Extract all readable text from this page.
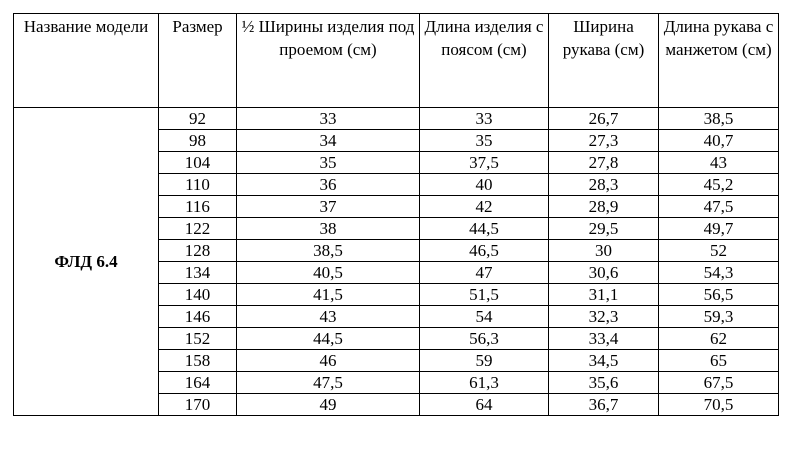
Название модели	Размер	½ Ширины изделия под проемом (см)	Длина изделия с поясом (см)	Ширина рукава (см)	Длина рукава с манжетом (см)
ФЛД 6.4	92	33	33	26,7	38,5
	98	34	35	27,3	40,7
	104	35	37,5	27,8	43
	110	36	40	28,3	45,2
	116	37	42	28,9	47,5
	122	38	44,5	29,5	49,7
	128	38,5	46,5	30	52
	134	40,5	47	30,6	54,3
	140	41,5	51,5	31,1	56,5
	146	43	54	32,3	59,3
	152	44,5	56,3	33,4	62
	158	46	59	34,5	65
	164	47,5	61,3	35,6	67,5
	170	49	64	36,7	70,5
